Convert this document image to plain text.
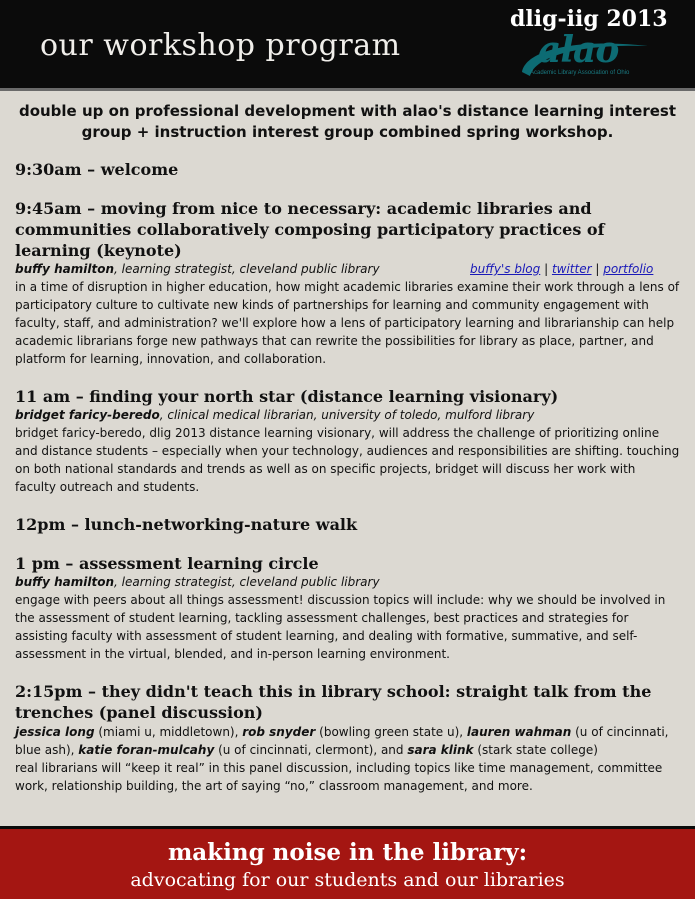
our workshop program
dlig-iig 2013
alao
Academic Library Association of Ohio

double up on professional development with alao's distance learning interest group + instruction interest group combined spring workshop.

9:30am – welcome

9:45am – moving from nice to necessary: academic libraries and communities collaboratively composing participatory practices of learning (keynote)

buffy hamilton, learning strategist, cleveland public library	buffy's blog | twitter | portfolio

in a time of disruption in higher education, how might academic libraries examine their work through a lens of participatory culture to cultivate new kinds of partnerships for learning and community engagement with faculty, staff, and administration? we'll explore how a lens of participatory learning and librarianship can help academic librarians forge new pathways that can rewrite the possibilities for library as place, partner, and platform for learning, innovation, and collaboration.

11 am – finding your north star (distance learning visionary)

bridget faricy-beredo, clinical medical librarian, university of toledo, mulford library

bridget faricy-beredo, dlig 2013 distance learning visionary, will address the challenge of prioritizing online and distance students – especially when your technology, audiences and responsibilities are shifting. touching on both national standards and trends as well as on specific projects, bridget will discuss her work with faculty outreach and students.

12pm – lunch-networking-nature walk

1 pm – assessment learning circle

buffy hamilton, learning strategist, cleveland public library

engage with peers about all things assessment! discussion topics will include: why we should be involved in the assessment of student learning, tackling assessment challenges, best practices and strategies for assisting faculty with assessment of student learning, and dealing with formative, summative, and self-assessment in the virtual, blended, and in-person learning environment.

2:15pm – they didn't teach this in library school: straight talk from the trenches (panel discussion)

jessica long (miami u, middletown), rob snyder (bowling green state u), lauren wahman (u of cincinnati, blue ash), katie foran-mulcahy (u of cincinnati, clermont), and sara klink (stark state college)

real librarians will “keep it real” in this panel discussion, including topics like time management, committee work, relationship building, the art of saying “no,” classroom management, and more.

making noise in the library:
advocating for our students and our libraries
